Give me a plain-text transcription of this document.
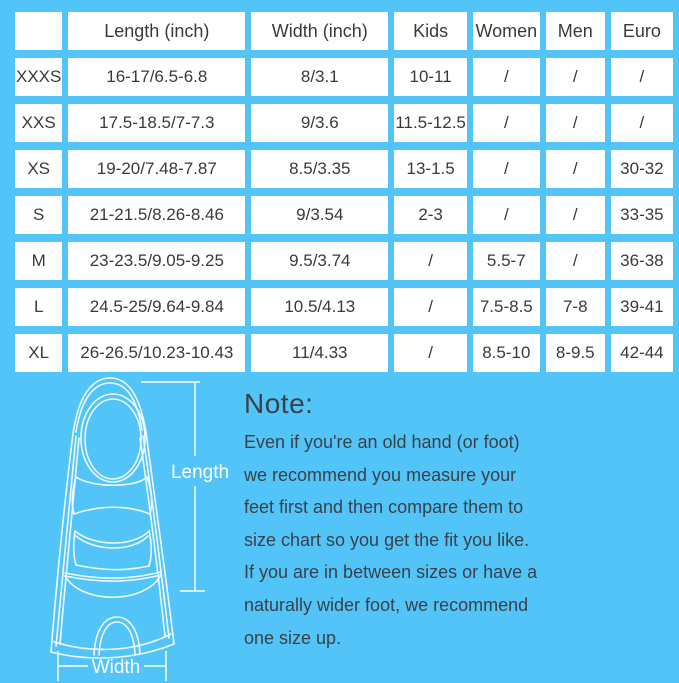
	Length (inch)	Width (inch)	Kids	Women	Men	Euro
XXXS	16-17/6.5-6.8	8/3.1	10-11	/	/	/
XXS	17.5-18.5/7-7.3	9/3.6	11.5-12.5	/	/	/
XS	19-20/7.48-7.87	8.5/3.35	13-1.5	/	/	30-32
S	21-21.5/8.26-8.46	9/3.54	2-3	/	/	33-35
M	23-23.5/9.05-9.25	9.5/3.74	/	5.5-7	/	36-38
L	24.5-25/9.64-9.84	10.5/4.13	/	7.5-8.5	7-8	39-41
XL	26-26.5/10.23-10.43	11/4.33	/	8.5-10	8-9.5	42-44
Length
Width
Note:

Even if you're an old hand (or foot)

we recommend you measure your

feet first and then compare them to

size chart so you get the fit you like.

If you are in between sizes or have a

naturally wider foot, we recommend

one size up.
